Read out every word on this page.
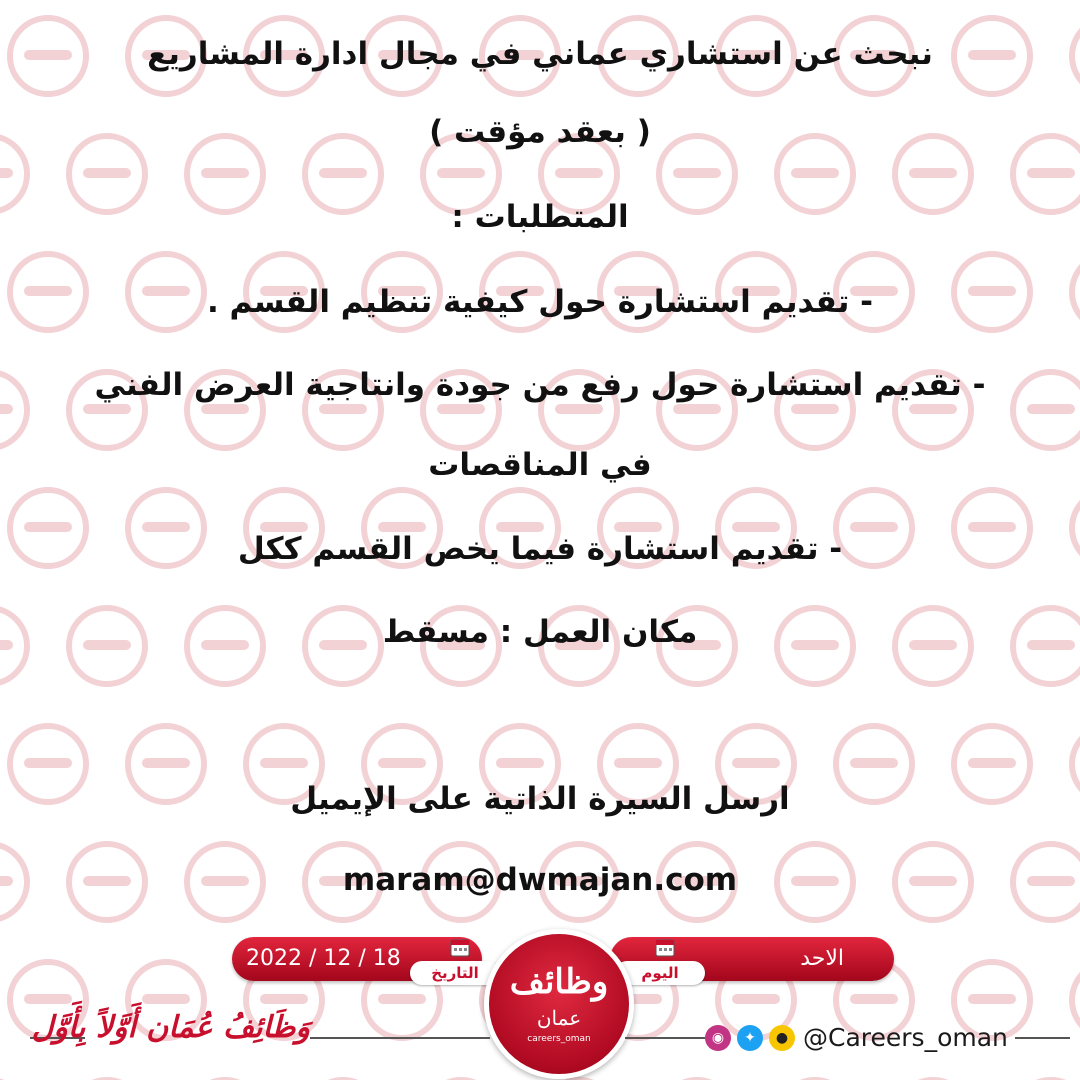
نبحث عن استشاري عماني في مجال ادارة المشاريع
( بعقد مؤقت )
المتطلبات :
- تقديم استشارة حول كيفية تنظيم القسم .
- تقديم استشارة حول رفع من جودة وانتاجية العرض الفني
في المناقصات
- تقديم استشارة فيما يخص القسم ككل
مكان العمل : مسقط
ارسل السيرة الذاتية على الإيميل
maram@dwmajan.com
2022 / 12 / 18	الاحد
التاريخ	اليوم
وظائف
عمان
careers_oman
وَظَائِفُ عُمَان أَوَّلاً بِأَوَّل	◉	✦	● @Careers_oman
